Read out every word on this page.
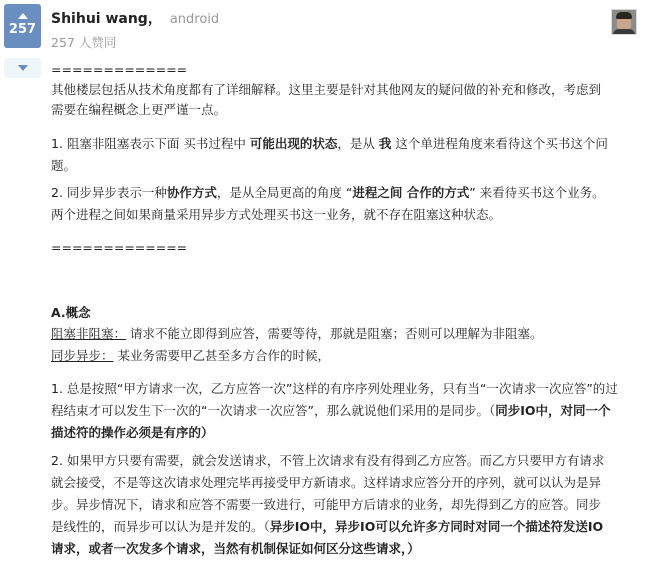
257
Shihui wang， android
257 人赞同

=============

其他楼层包括从技术角度都有了详细解释。这里主要是针对其他网友的疑问做的补充和修改，考虑到

需要在编程概念上更严谨一点。

1. 阻塞非阻塞表示下面 买书过程中 可能出现的状态，是从 我 这个单进程角度来看待这个买书这个问

题。

2. 同步异步表示一种协作方式，是从全局更高的角度 “进程之间 合作的方式” 来看待买书这个业务。

两个进程之间如果商量采用异步方式处理买书这一业务，就不存在阻塞这种状态。

=============

A.概念

阻塞非阻塞： 请求不能立即得到应答，需要等待，那就是阻塞；否则可以理解为非阻塞。

同步异步： 某业务需要甲乙甚至多方合作的时候，

1. 总是按照“甲方请求一次，乙方应答一次”这样的有序序列处理业务，只有当“一次请求一次应答”的过

程结束才可以发生下一次的“一次请求一次应答”，那么就说他们采用的是同步。（同步IO中，对同一个

描述符的操作必须是有序的）

2. 如果甲方只要有需要，就会发送请求，不管上次请求有没有得到乙方应答。而乙方只要甲方有请求

就会接受，不是等这次请求处理完毕再接受甲方新请求。这样请求应答分开的序列，就可以认为是异

步。异步情况下，请求和应答不需要一致进行，可能甲方后请求的业务，却先得到乙方的应答。同步

是线性的，而异步可以认为是并发的。（异步IO中，异步IO可以允许多方同时对同一个描述符发送IO

请求，或者一次发多个请求，当然有机制保证如何区分这些请求，）
